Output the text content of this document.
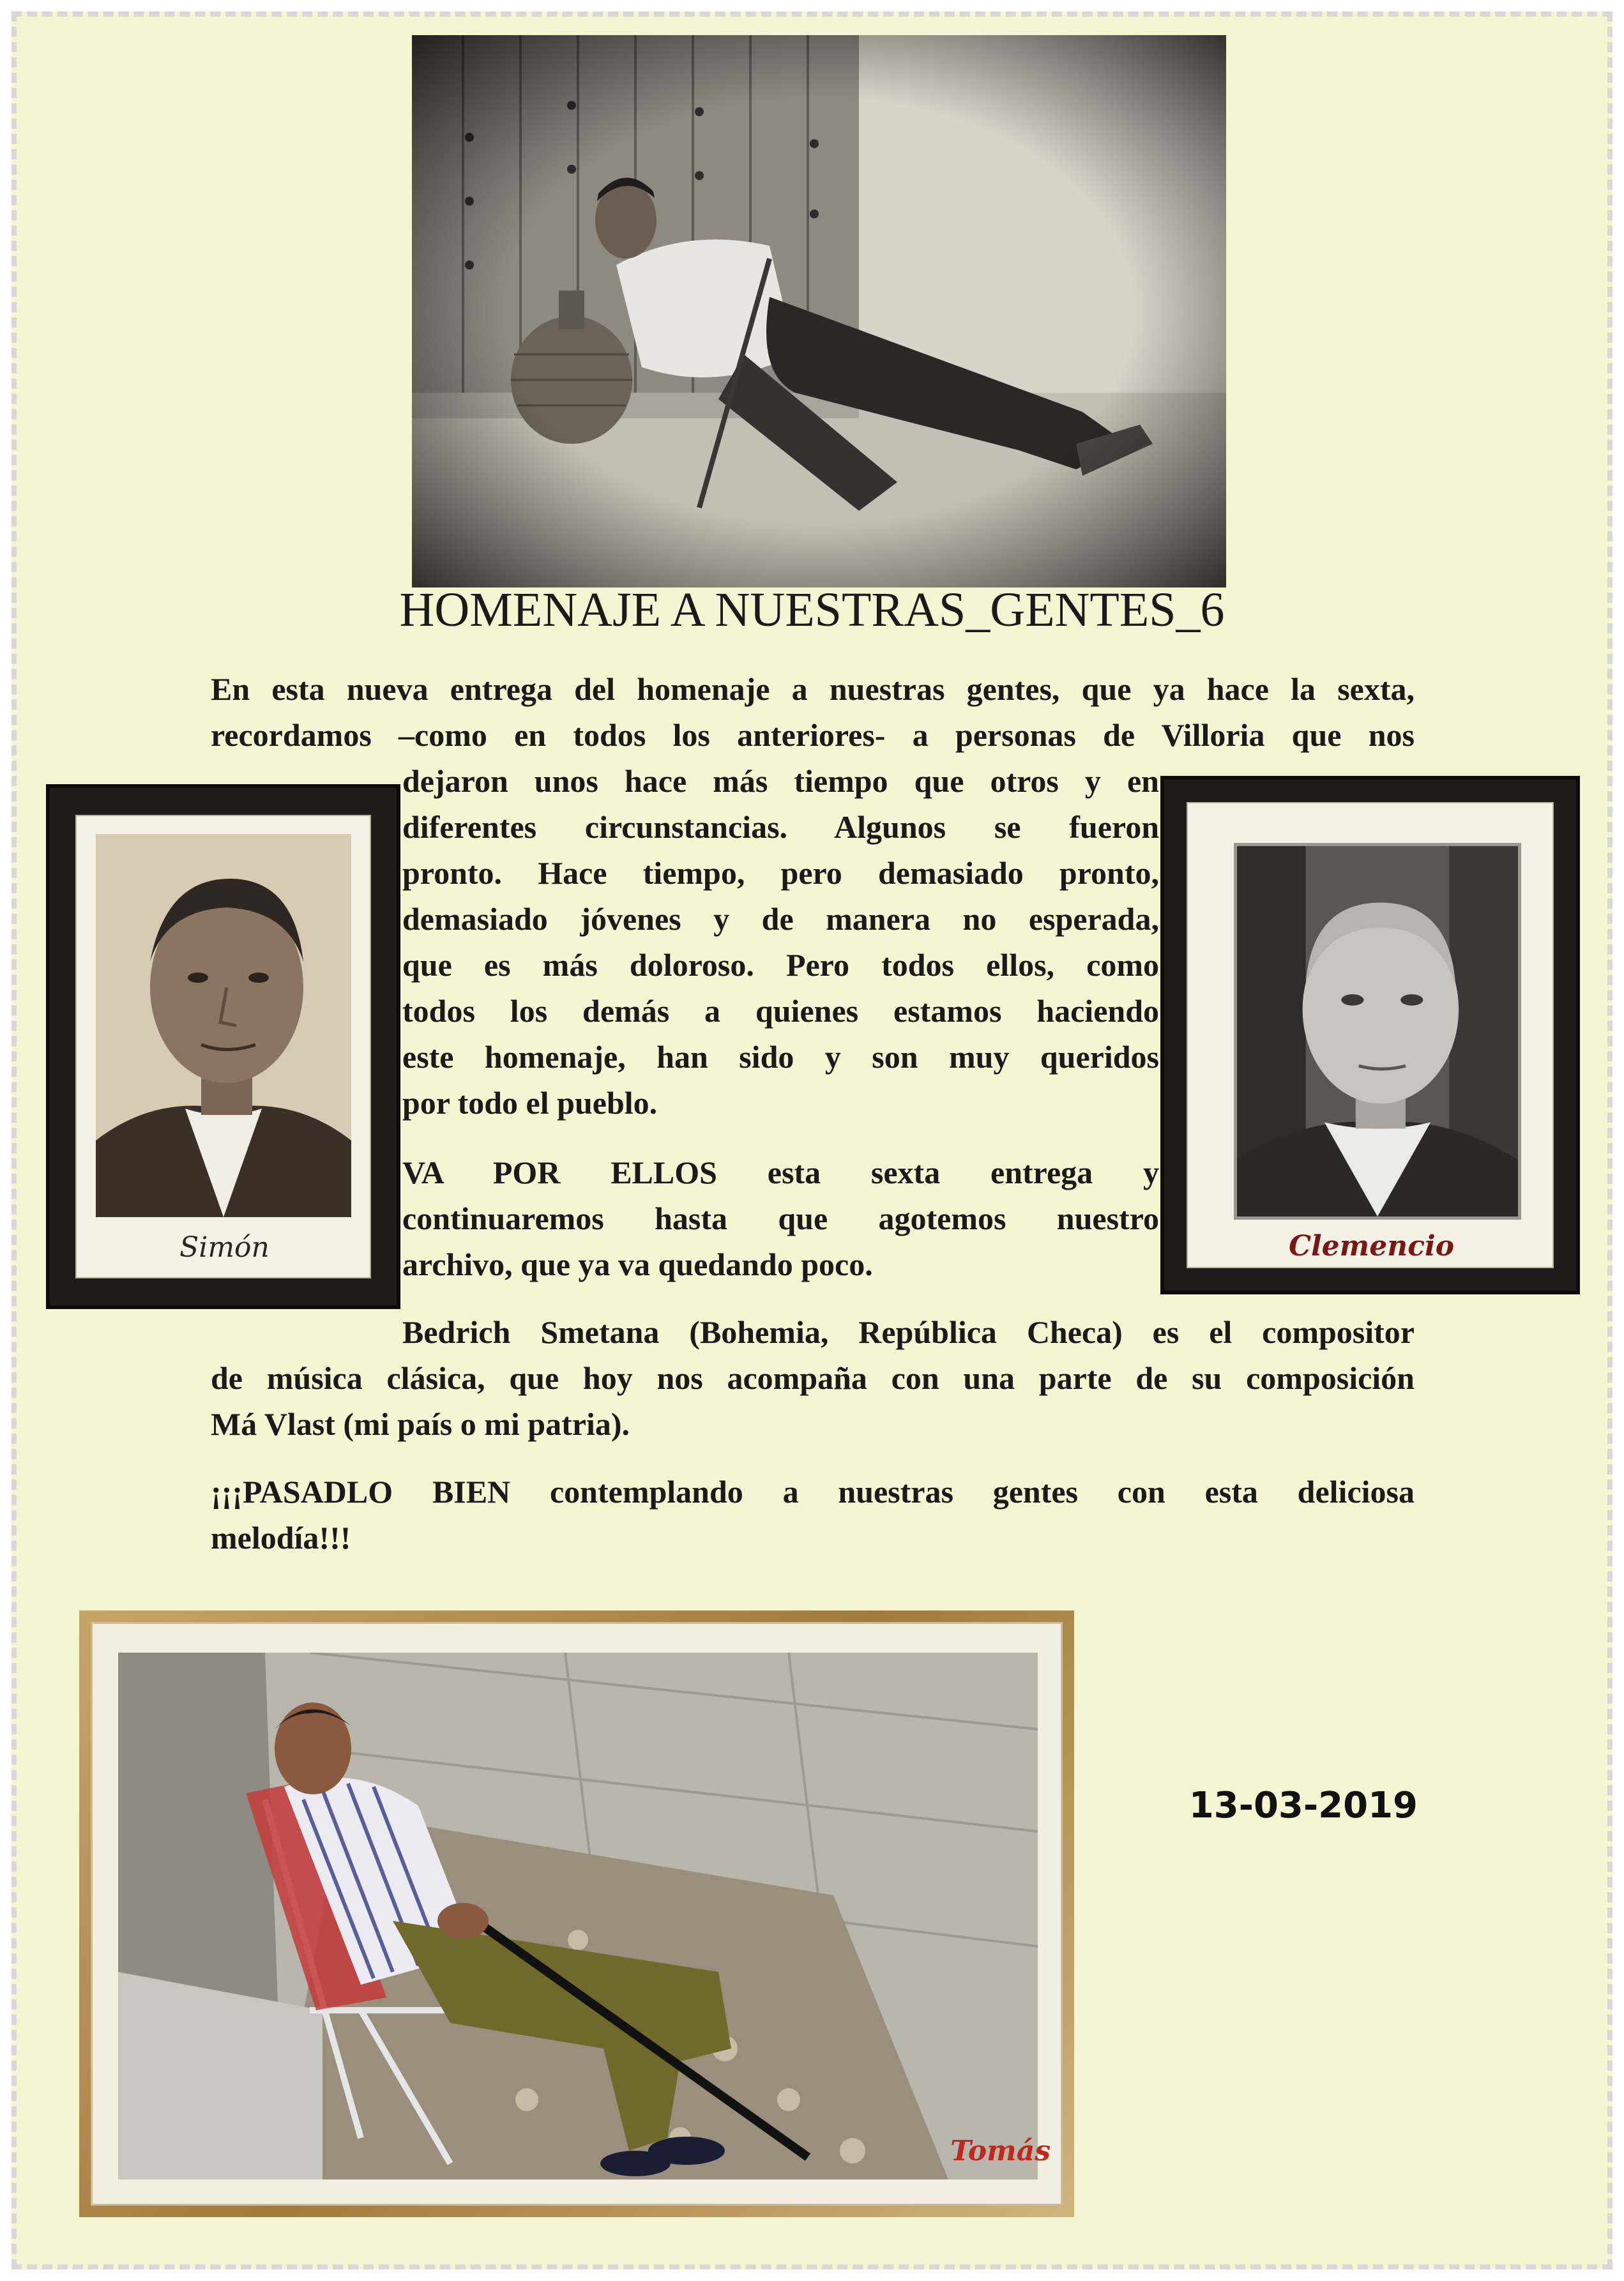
HOMENAJE A NUESTRAS_GENTES_6

En esta nueva entrega del homenaje a nuestras gentes, que ya hace la sexta,
recordamos –como en todos los anteriores- a personas de Villoria que nos

dejaron unos hace más tiempo que otros y en
diferentes circunstancias. Algunos se fueron
pronto. Hace tiempo, pero demasiado pronto,
demasiado jóvenes y de manera no esperada,
que es más doloroso. Pero todos ellos, como
todos los demás a quienes estamos haciendo
este homenaje, han sido y son muy queridos
por todo el pueblo.

VA POR ELLOS esta sexta entrega y
continuaremos hasta que agotemos nuestro
archivo, que ya va quedando poco.

Bedrich Smetana (Bohemia, República Checa) es el compositor
de música clásica, que hoy nos acompaña con una parte de su composición
Má Vlast (mi país o mi patria).

¡¡¡PASADLO BIEN contemplando a nuestras gentes con esta deliciosa
melodía!!!

Simón	Clemencio
Tomás
13-03-2019
